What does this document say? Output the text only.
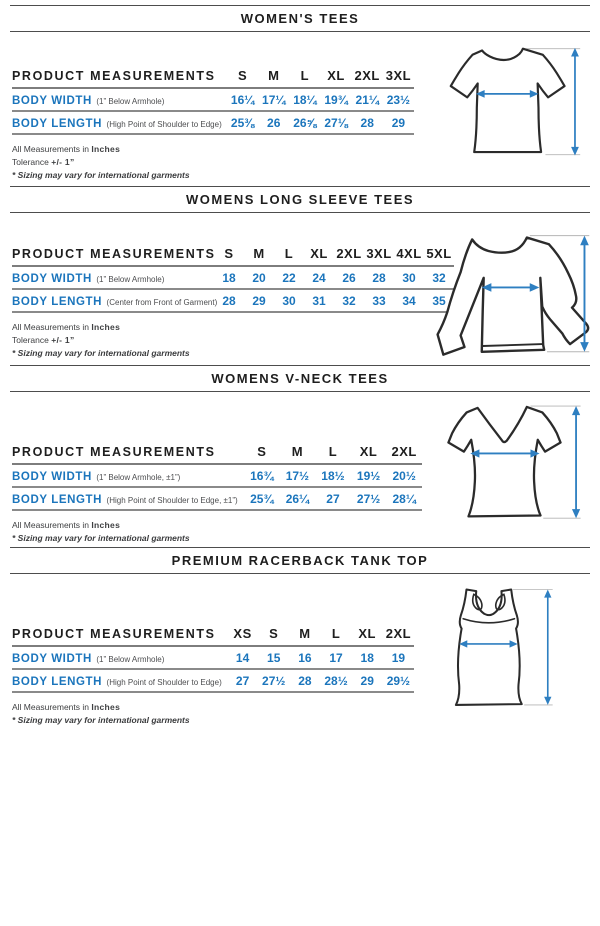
WOMEN'S TEES
PRODUCT MEASUREMENTS	S	M	L	XL	2XL	3XL
BODY WIDTH (1” Below Armhole)	16¼	17¼	18¼	19¾	21¼	23½
BODY LENGTH (High Point of Shoulder to Edge)	25⅜	26	26⅝	27⅛	28	29
All Measurements in Inches
Tolerance +/- 1”
* Sizing may vary for international garments
WOMENS LONG SLEEVE TEES
PRODUCT MEASUREMENTS	S	M	L	XL	2XL	3XL	4XL	5XL
BODY WIDTH (1” Below Armhole)	18	20	22	24	26	28	30	32
BODY LENGTH (Center from Front of Garment)	28	29	30	31	32	33	34	35
All Measurements in Inches
Tolerance +/- 1”
* Sizing may vary for international garments
WOMENS V-NECK TEES
PRODUCT MEASUREMENTS	S	M	L	XL	2XL
BODY WIDTH (1” Below Armhole, ±1”)	16¾	17½	18½	19½	20½
BODY LENGTH (High Point of Shoulder to Edge, ±1”)	25¾	26¼	27	27½	28¼
All Measurements in Inches
* Sizing may vary for international garments
PREMIUM RACERBACK TANK TOP
PRODUCT MEASUREMENTS	XS	S	M	L	XL	2XL
BODY WIDTH (1” Below Armhole)	14	15	16	17	18	19
BODY LENGTH (High Point of Shoulder to Edge)	27	27½	28	28½	29	29½
All Measurements in Inches
* Sizing may vary for international garments
